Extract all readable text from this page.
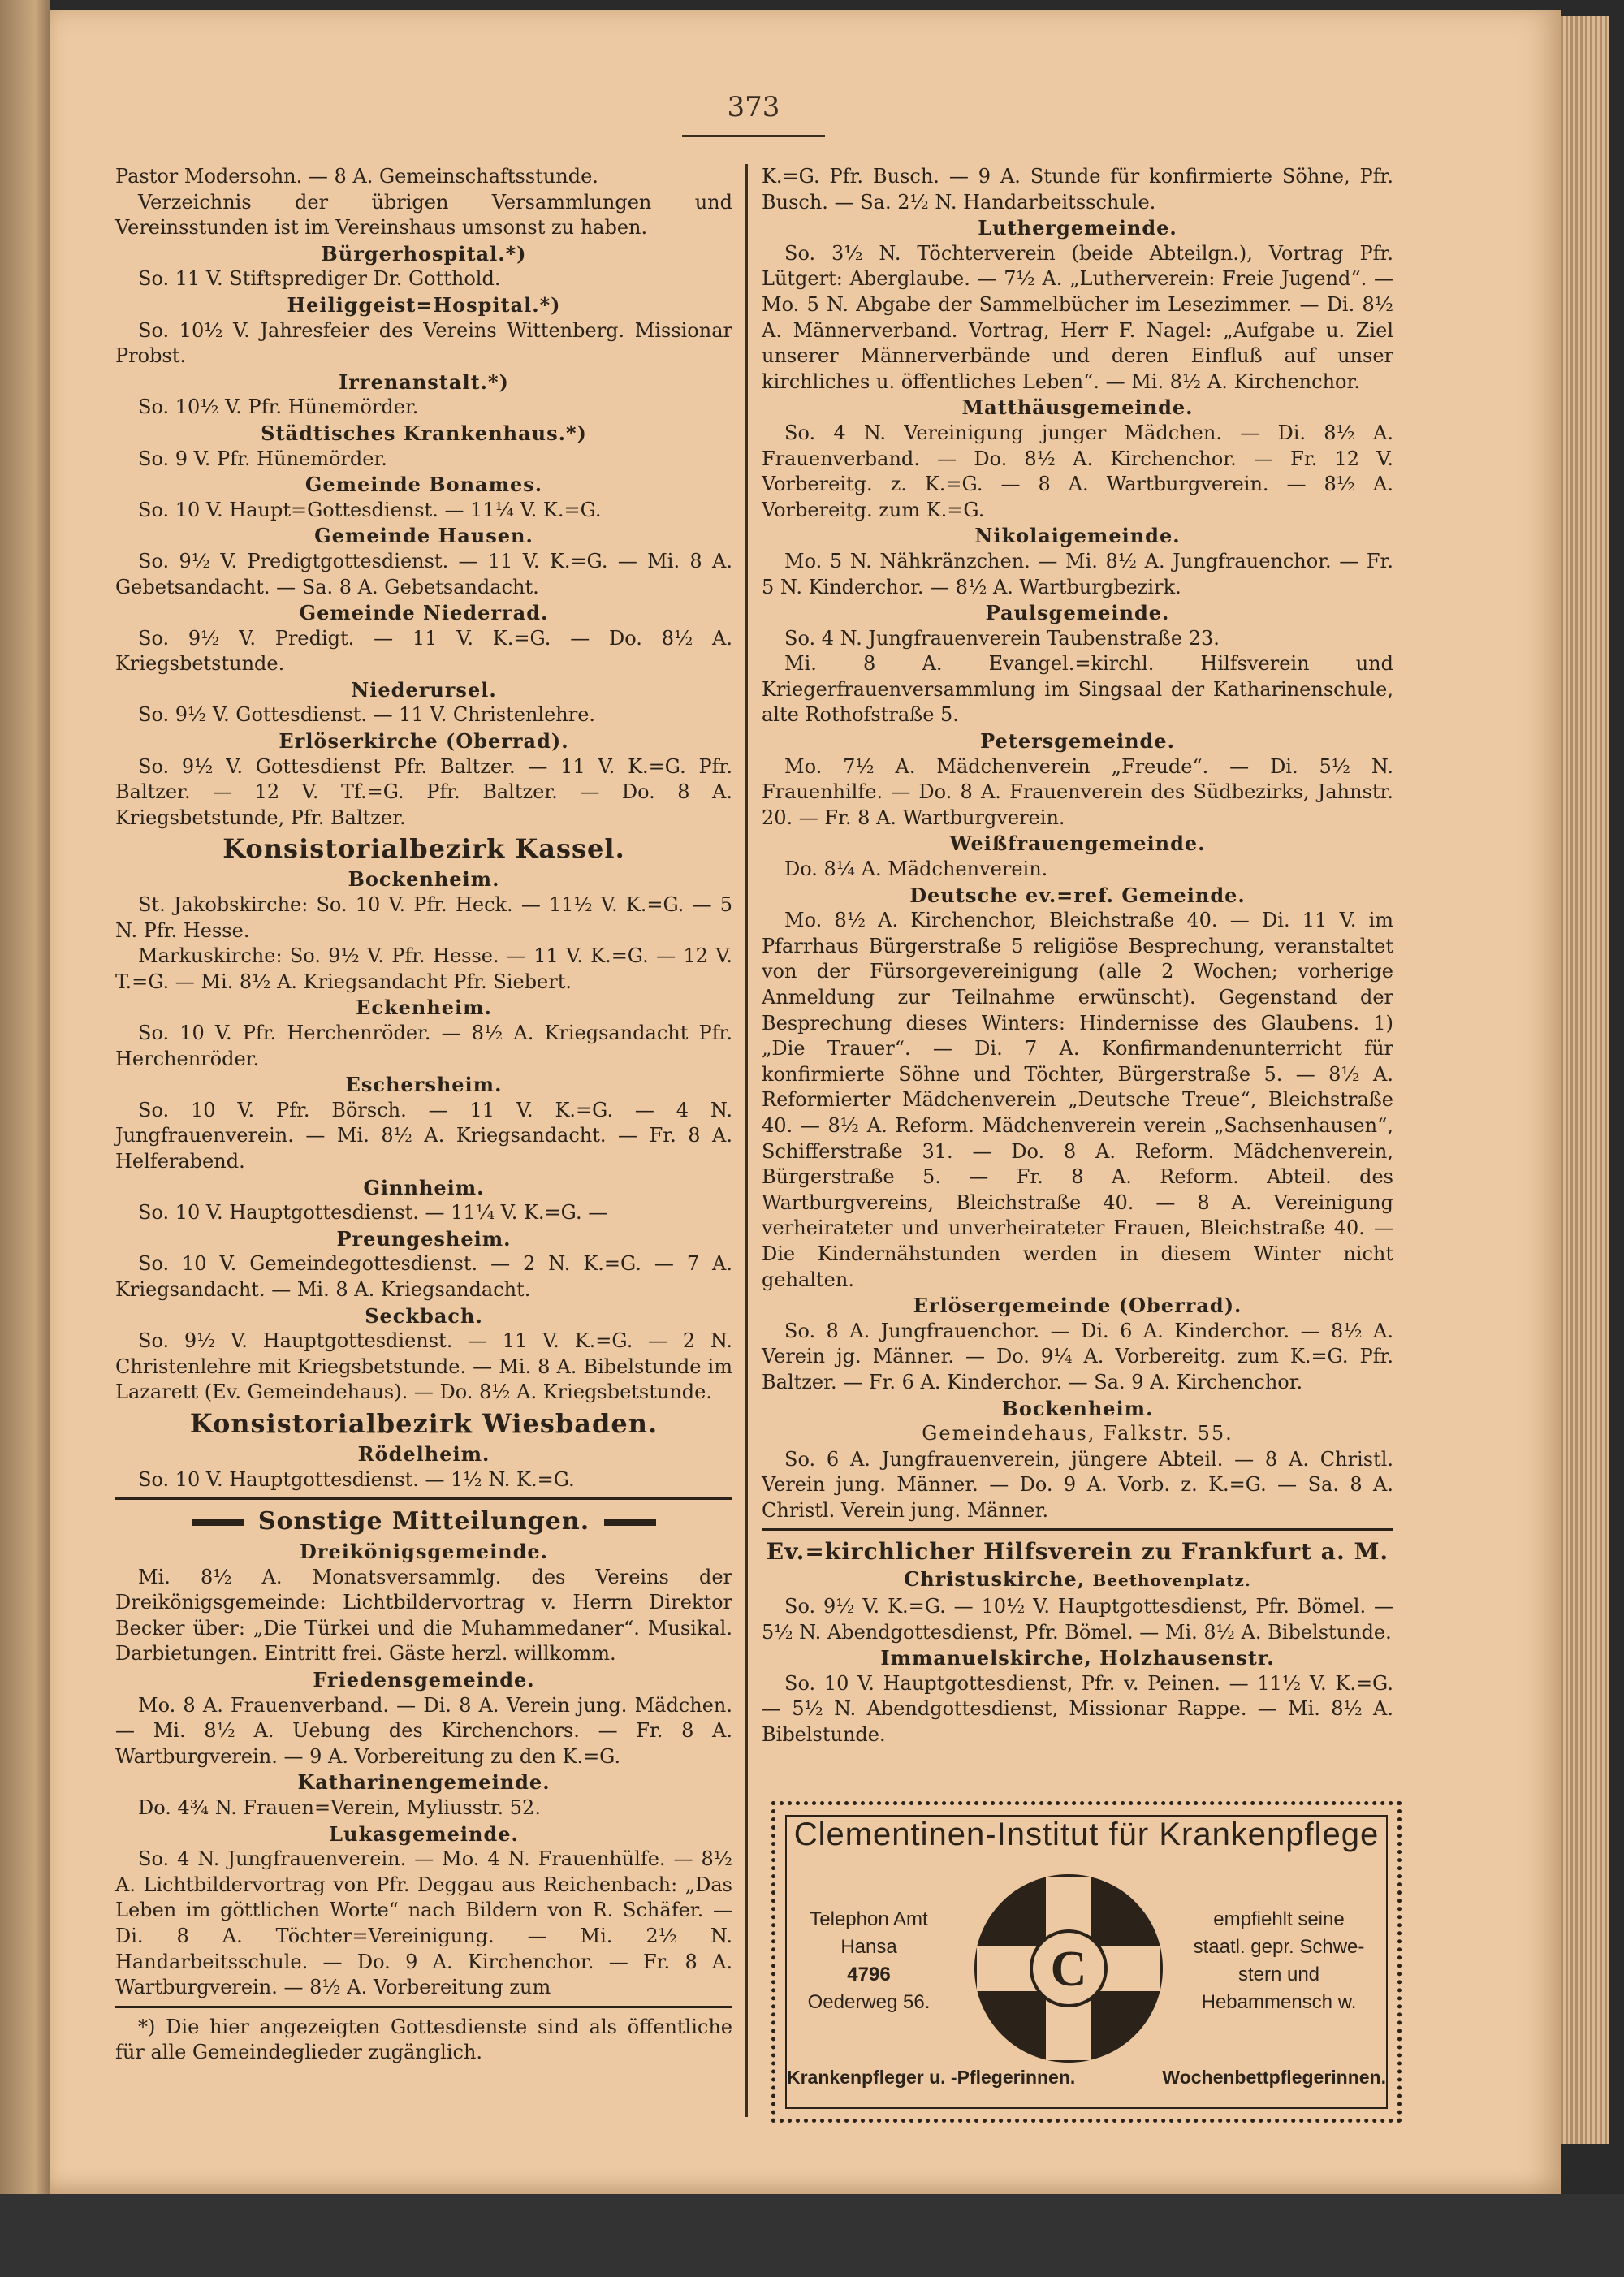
373

Pastor Modersohn. — 8 A. Gemeinschaftsstunde.

Verzeichnis der übrigen Versammlungen und Vereinsstunden ist im Vereinshaus umsonst zu haben.

Bürgerhospital.*)

So. 11 V. Stiftsprediger Dr. Gotthold.

Heiliggeist=Hospital.*)

So. 10½ V. Jahresfeier des Vereins Wittenberg. Missionar Probst.

Irrenanstalt.*)

So. 10½ V. Pfr. Hünemörder.

Städtisches Krankenhaus.*)

So. 9 V. Pfr. Hünemörder.

Gemeinde Bonames.

So. 10 V. Haupt=Gottesdienst. — 11¼ V. K.=G.

Gemeinde Hausen.

So. 9½ V. Predigtgottesdienst. — 11 V. K.=G. — Mi. 8 A. Gebetsandacht. — Sa. 8 A. Gebetsandacht.

Gemeinde Niederrad.

So. 9½ V. Predigt. — 11 V. K.=G. — Do. 8½ A. Kriegsbetstunde.

Niederursel.

So. 9½ V. Gottesdienst. — 11 V. Christenlehre.

Erlöserkirche (Oberrad).

So. 9½ V. Gottesdienst Pfr. Baltzer. — 11 V. K.=G. Pfr. Baltzer. — 12 V. Tf.=G. Pfr. Baltzer. — Do. 8 A. Kriegsbetstunde, Pfr. Baltzer.

Konsistorialbezirk Kassel.

Bockenheim.

St. Jakobskirche: So. 10 V. Pfr. Heck. — 11½ V. K.=G. — 5 N. Pfr. Hesse.

Markuskirche: So. 9½ V. Pfr. Hesse. — 11 V. K.=G. — 12 V. T.=G. — Mi. 8½ A. Kriegsandacht Pfr. Siebert.

Eckenheim.

So. 10 V. Pfr. Herchenröder. — 8½ A. Kriegsandacht Pfr. Herchenröder.

Eschersheim.

So. 10 V. Pfr. Börsch. — 11 V. K.=G. — 4 N. Jungfrauenverein. — Mi. 8½ A. Kriegsandacht. — Fr. 8 A. Helferabend.

Ginnheim.

So. 10 V. Hauptgottesdienst. — 11¼ V. K.=G. —

Preungesheim.

So. 10 V. Gemeindegottesdienst. — 2 N. K.=G. — 7 A. Kriegsandacht. — Mi. 8 A. Kriegsandacht.

Seckbach.

So. 9½ V. Hauptgottesdienst. — 11 V. K.=G. — 2 N. Christenlehre mit Kriegsbetstunde. — Mi. 8 A. Bibelstunde im Lazarett (Ev. Gemeindehaus). — Do. 8½ A. Kriegsbetstunde.

Konsistorialbezirk Wiesbaden.

Rödelheim.

So. 10 V. Hauptgottesdienst. — 1½ N. K.=G.

Sonstige Mitteilungen.

Dreikönigsgemeinde.

Mi. 8½ A. Monatsversammlg. des Vereins der Dreikönigsgemeinde: Lichtbildervortrag v. Herrn Direktor Becker über: „Die Türkei und die Muhammedaner“. Musikal. Darbietungen. Eintritt frei. Gäste herzl. willkomm.

Friedensgemeinde.

Mo. 8 A. Frauenverband. — Di. 8 A. Verein jung. Mädchen. — Mi. 8½ A. Uebung des Kirchenchors. — Fr. 8 A. Wartburgverein. — 9 A. Vorbereitung zu den K.=G.

Katharinengemeinde.

Do. 4¾ N. Frauen=Verein, Myliusstr. 52.

Lukasgemeinde.

So. 4 N. Jungfrauenverein. — Mo. 4 N. Frauenhülfe. — 8½ A. Lichtbildervortrag von Pfr. Deggau aus Reichenbach: „Das Leben im göttlichen Worte“ nach Bildern von R. Schäfer. — Di. 8 A. Töchter=Vereinigung. — Mi. 2½ N. Handarbeitsschule. — Do. 9 A. Kirchenchor. — Fr. 8 A. Wartburgverein. — 8½ A. Vorbereitung zum

*) Die hier angezeigten Gottesdienste sind als öffentliche für alle Gemeindeglieder zugänglich.

K.=G. Pfr. Busch. — 9 A. Stunde für konfirmierte Söhne, Pfr. Busch. — Sa. 2½ N. Handarbeitsschule.

Luthergemeinde.

So. 3½ N. Töchterverein (beide Abteilgn.), Vortrag Pfr. Lütgert: Aberglaube. — 7½ A. „Lutherverein: Freie Jugend“. — Mo. 5 N. Abgabe der Sammelbücher im Lesezimmer. — Di. 8½ A. Männerverband. Vortrag, Herr F. Nagel: „Aufgabe u. Ziel unserer Männerverbände und deren Einfluß auf unser kirchliches u. öffentliches Leben“. — Mi. 8½ A. Kirchenchor.

Matthäusgemeinde.

So. 4 N. Vereinigung junger Mädchen. — Di. 8½ A. Frauenverband. — Do. 8½ A. Kirchenchor. — Fr. 12 V. Vorbereitg. z. K.=G. — 8 A. Wartburgverein. — 8½ A. Vorbereitg. zum K.=G.

Nikolaigemeinde.

Mo. 5 N. Nähkränzchen. — Mi. 8½ A. Jungfrauenchor. — Fr. 5 N. Kinderchor. — 8½ A. Wartburgbezirk.

Paulsgemeinde.

So. 4 N. Jungfrauenverein Taubenstraße 23.

Mi. 8 A. Evangel.=kirchl. Hilfsverein und Kriegerfrauenversammlung im Singsaal der Katharinenschule, alte Rothofstraße 5.

Petersgemeinde.

Mo. 7½ A. Mädchenverein „Freude“. — Di. 5½ N. Frauenhilfe. — Do. 8 A. Frauenverein des Südbezirks, Jahnstr. 20. — Fr. 8 A. Wartburgverein.

Weißfrauengemeinde.

Do. 8¼ A. Mädchenverein.

Deutsche ev.=ref. Gemeinde.

Mo. 8½ A. Kirchenchor, Bleichstraße 40. — Di. 11 V. im Pfarrhaus Bürgerstraße 5 religiöse Besprechung, veranstaltet von der Fürsorgevereinigung (alle 2 Wochen; vorherige Anmeldung zur Teilnahme erwünscht). Gegenstand der Besprechung dieses Winters: Hindernisse des Glaubens. 1) „Die Trauer“. — Di. 7 A. Konfirmandenunterricht für konfirmierte Söhne und Töchter, Bürgerstraße 5. — 8½ A. Reformierter Mädchenverein „Deutsche Treue“, Bleichstraße 40. — 8½ A. Reform. Mädchenverein verein „Sachsenhausen“, Schifferstraße 31. — Do. 8 A. Reform. Mädchenverein, Bürgerstraße 5. — Fr. 8 A. Reform. Abteil. des Wartburgvereins, Bleichstraße 40. — 8 A. Vereinigung verheirateter und unverheirateter Frauen, Bleichstraße 40. — Die Kindernähstunden werden in diesem Winter nicht gehalten.

Erlösergemeinde (Oberrad).

So. 8 A. Jungfrauenchor. — Di. 6 A. Kinderchor. — 8½ A. Verein jg. Männer. — Do. 9¼ A. Vorbereitg. zum K.=G. Pfr. Baltzer. — Fr. 6 A. Kinderchor. — Sa. 9 A. Kirchenchor.

Bockenheim.

Gemeindehaus, Falkstr. 55.

So. 6 A. Jungfrauenverein, jüngere Abteil. — 8 A. Christl. Verein jung. Männer. — Do. 9 A. Vorb. z. K.=G. — Sa. 8 A. Christl. Verein jung. Männer.

Ev.=kirchlicher Hilfsverein zu Frankfurt a. M.

Christuskirche, Beethovenplatz.

So. 9½ V. K.=G. — 10½ V. Hauptgottesdienst, Pfr. Bömel. — 5½ N. Abendgottesdienst, Pfr. Bömel. — Mi. 8½ A. Bibelstunde.

Immanuelskirche, Holzhausenstr.

So. 10 V. Hauptgottesdienst, Pfr. v. Peinen. — 11½ V. K.=G. — 5½ N. Abendgottesdienst, Missionar Rappe. — Mi. 8½ A. Bibelstunde.

Clementinen-Institut für Krankenpflege
Telephon Amt
Hansa
4796
Oederweg 56.
C
empfiehlt seine
staatl. gepr. Schwe-
stern und
Hebammensch w.
Krankenpfleger u. -Pflegerinnen.	Wochenbettpflegerinnen.
